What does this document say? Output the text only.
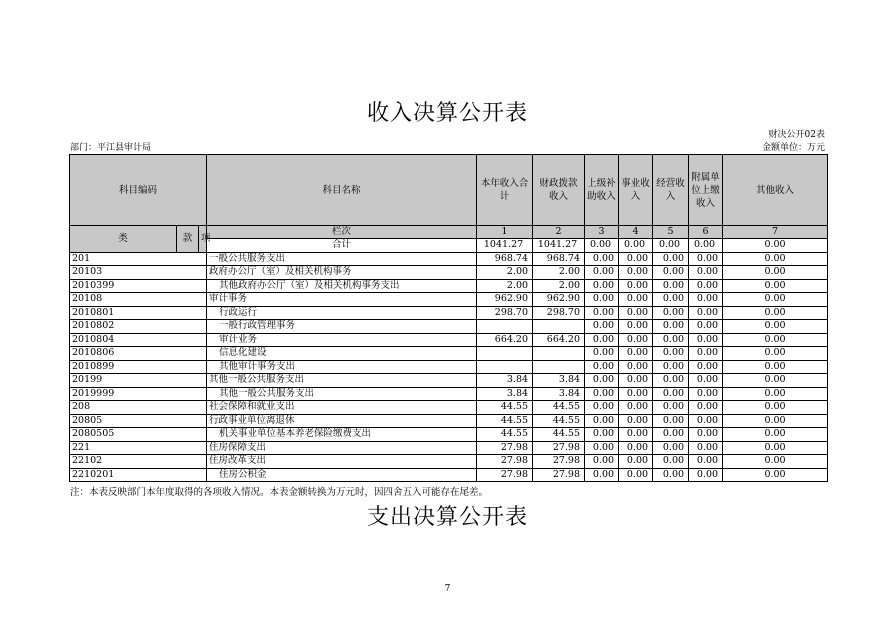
收入决算公开表
财决公开02表
部门：平江县审计局	金额单位：万元
科目编码			科目名称	本年收入合计	财政拨款收入	上级补助收入	事业收入	经营收入	附属单位上缴收入	其他收入
类	款	项	栏次	1	2	3	4	5	6	7
			合计	1041.27	1041.27	0.00	0.00	0.00	0.00	0.00
201			一般公共服务支出	968.74	968.74	0.00	0.00	0.00	0.00	0.00
20103			政府办公厅（室）及相关机构事务	2.00	2.00	0.00	0.00	0.00	0.00	0.00
2010399			其他政府办公厅（室）及相关机构事务支出	2.00	2.00	0.00	0.00	0.00	0.00	0.00
20108			审计事务	962.90	962.90	0.00	0.00	0.00	0.00	0.00
2010801			行政运行	298.70	298.70	0.00	0.00	0.00	0.00	0.00
2010802			一般行政管理事务			0.00	0.00	0.00	0.00	0.00
2010804			审计业务	664.20	664.20	0.00	0.00	0.00	0.00	0.00
2010806			信息化建设			0.00	0.00	0.00	0.00	0.00
2010899			其他审计事务支出			0.00	0.00	0.00	0.00	0.00
20199			其他一般公共服务支出	3.84	3.84	0.00	0.00	0.00	0.00	0.00
2019999			其他一般公共服务支出	3.84	3.84	0.00	0.00	0.00	0.00	0.00
208			社会保障和就业支出	44.55	44.55	0.00	0.00	0.00	0.00	0.00
20805			行政事业单位离退休	44.55	44.55	0.00	0.00	0.00	0.00	0.00
2080505			机关事业单位基本养老保险缴费支出	44.55	44.55	0.00	0.00	0.00	0.00	0.00
221			住房保障支出	27.98	27.98	0.00	0.00	0.00	0.00	0.00
22102			住房改革支出	27.98	27.98	0.00	0.00	0.00	0.00	0.00
2210201			住房公积金	27.98	27.98	0.00	0.00	0.00	0.00	0.00
注：本表反映部门本年度取得的各项收入情况。本表金额转换为万元时，因四舍五入可能存在尾差。
支出决算公开表
7
